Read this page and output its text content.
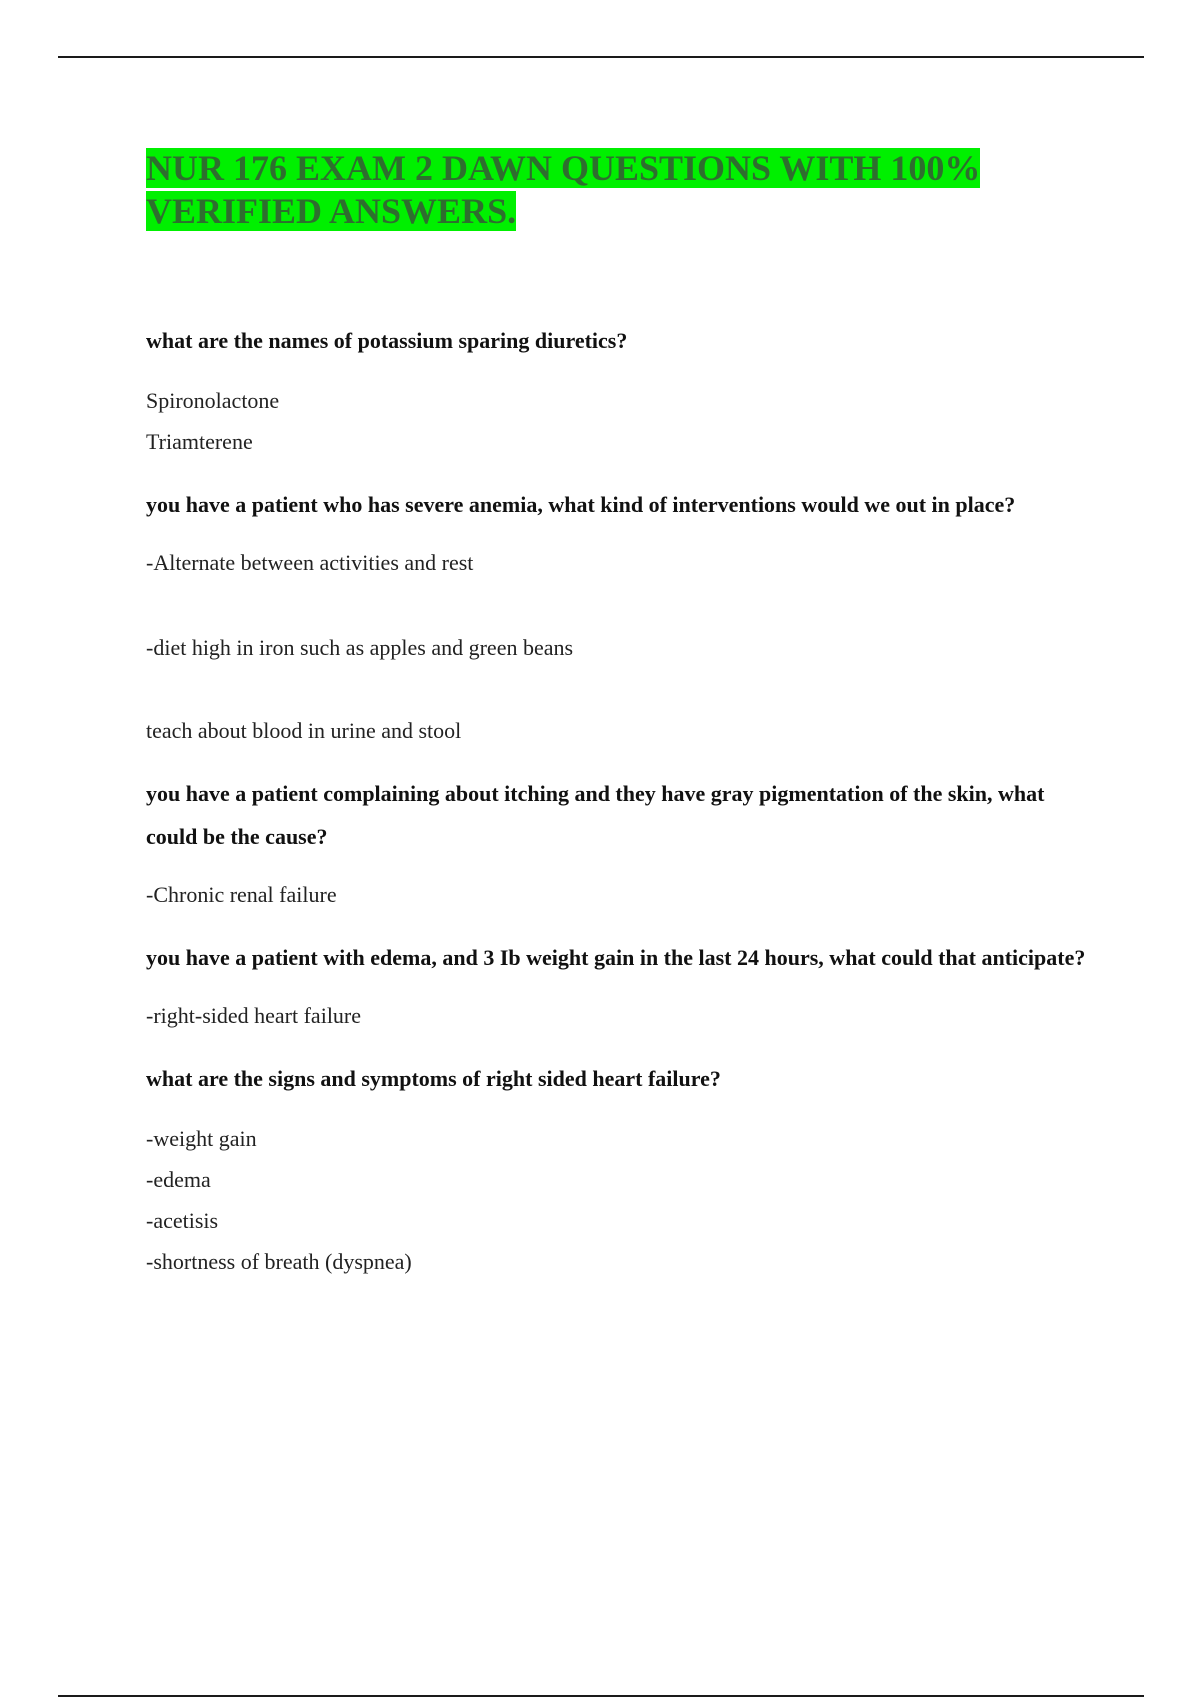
NUR 176 EXAM 2 DAWN QUESTIONS WITH 100% VERIFIED ANSWERS.

what are the names of potassium sparing diuretics?

Spironolactone
Triamterene

you have a patient who has severe anemia, what kind of interventions would we out in place?

-Alternate between activities and rest
-diet high in iron such as apples and green beans
teach about blood in urine and stool

you have a patient complaining about itching and they have gray pigmentation of the skin, what could be the cause?

-Chronic renal failure

you have a patient with edema, and 3 Ib weight gain in the last 24 hours, what could that anticipate?

-right-sided heart failure

what are the signs and symptoms of right sided heart failure?

-weight gain
-edema
-acetisis
-shortness of breath (dyspnea)
